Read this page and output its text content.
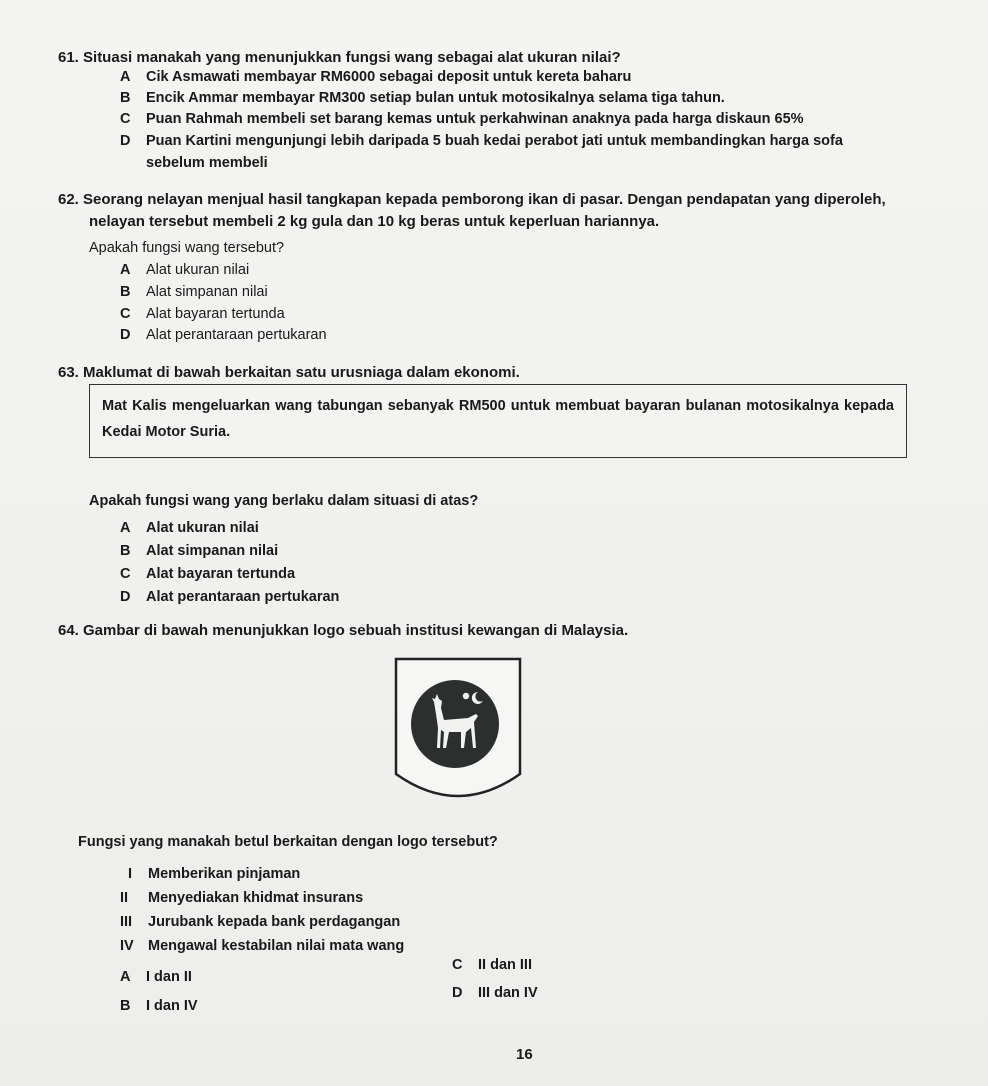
61. Situasi manakah yang menunjukkan fungsi wang sebagai alat ukuran nilai?
A Cik Asmawati membayar RM6000 sebagai deposit untuk kereta baharu
B Encik Ammar membayar RM300 setiap bulan untuk motosikalnya selama tiga tahun.
C Puan Rahmah membeli set barang kemas untuk perkahwinan anaknya pada harga diskaun 65%
D Puan Kartini mengunjungi lebih daripada 5 buah kedai perabot jati untuk membandingkan harga sofa
sebelum membeli
62. Seorang nelayan menjual hasil tangkapan kepada pemborong ikan di pasar. Dengan pendapatan yang diperoleh,
nelayan tersebut membeli 2 kg gula dan 10 kg beras untuk keperluan hariannya.
Apakah fungsi wang tersebut?
A Alat ukuran nilai
B Alat simpanan nilai
C Alat bayaran tertunda
D Alat perantaraan pertukaran
63. Maklumat di bawah berkaitan satu urusniaga dalam ekonomi.
Mat Kalis mengeluarkan wang tabungan sebanyak RM500 untuk membuat bayaran bulanan motosikalnya kepada Kedai Motor Suria.
Apakah fungsi wang yang berlaku dalam situasi di atas?
A Alat ukuran nilai
B Alat simpanan nilai
C Alat bayaran tertunda
D Alat perantaraan pertukaran
64. Gambar di bawah menunjukkan logo sebuah institusi kewangan di Malaysia.
Fungsi yang manakah betul berkaitan dengan logo tersebut?
I Memberikan pinjaman
II Menyediakan khidmat insurans
III Jurubank kepada bank perdagangan
IV Mengawal kestabilan nilai mata wang
A I dan II
B I dan IV
C II dan III
D III dan IV
16
